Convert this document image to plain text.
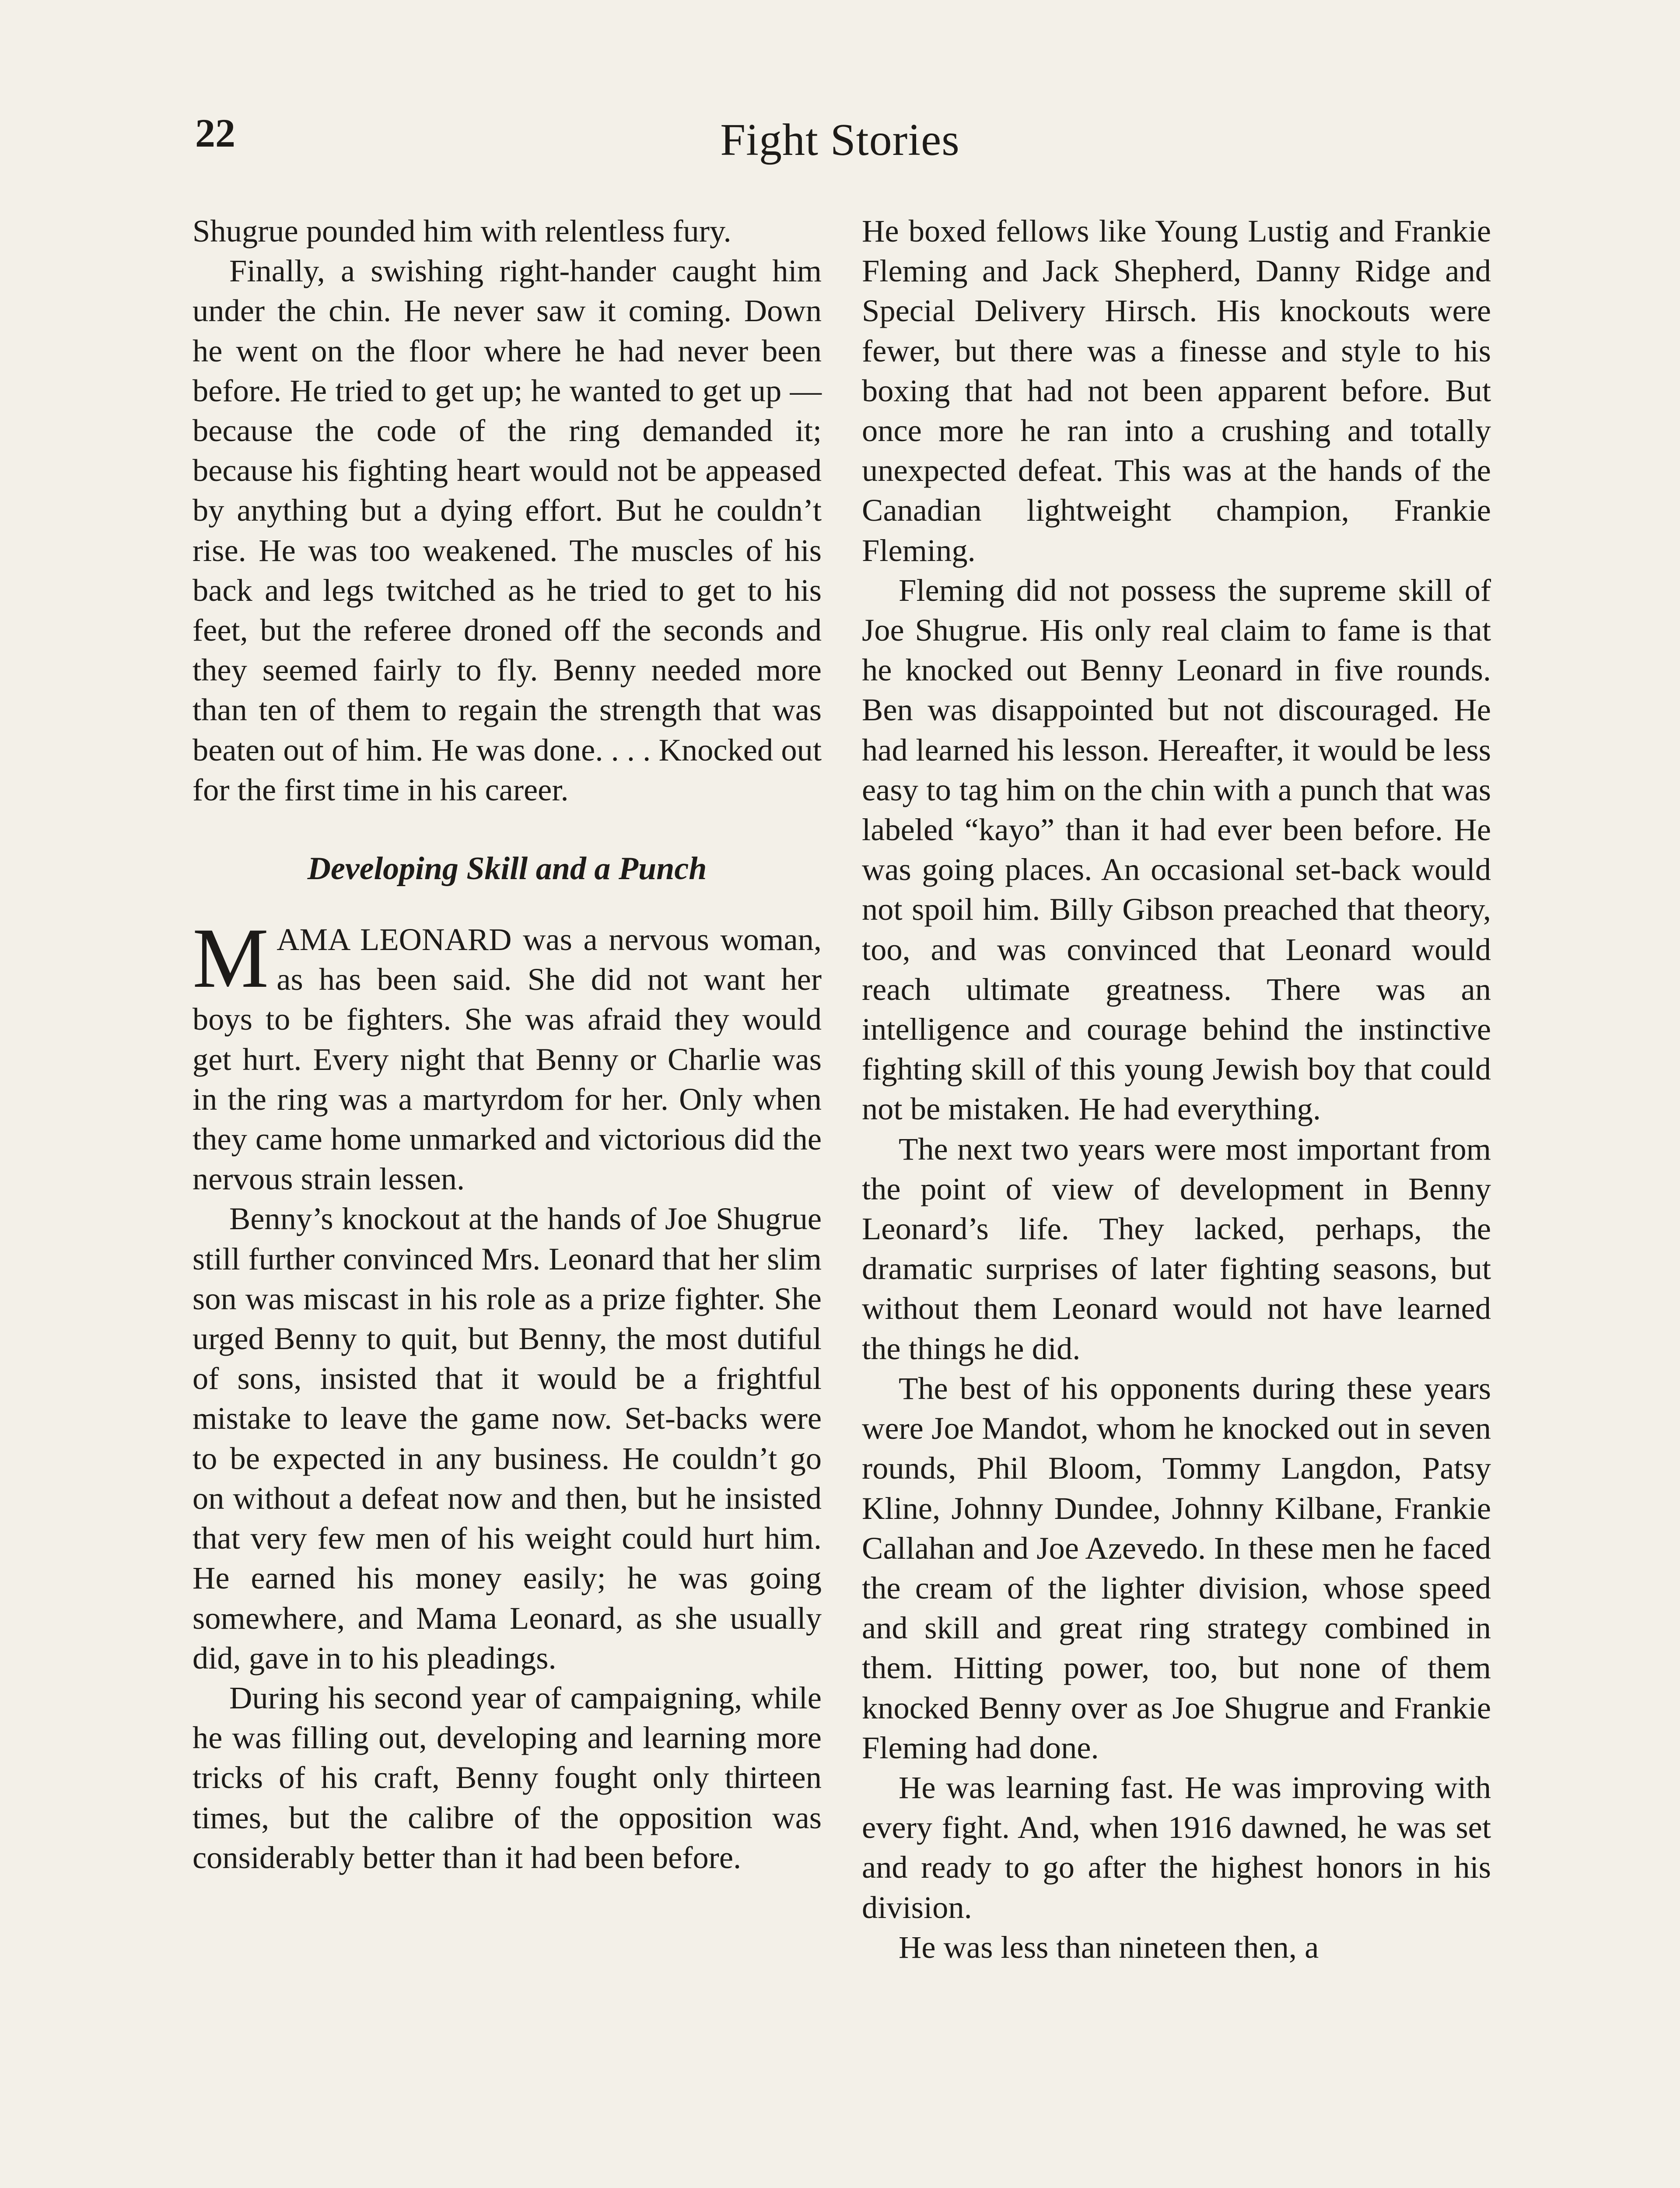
22	Fight Stories

Shugrue pounded him with relentless fury.

Finally, a swishing right-hander caught him under the chin. He never saw it coming. Down he went on the floor where he had never been before. He tried to get up; he wanted to get up —because the code of the ring demanded it; because his fighting heart would not be appeased by anything but a dying effort. But he couldn’t rise. He was too weakened. The muscles of his back and legs twitched as he tried to get to his feet, but the referee droned off the seconds and they seemed fairly to fly. Benny needed more than ten of them to regain the strength that was beaten out of him. He was done. . . . Knocked out for the first time in his career.

Developing Skill and a Punch

MAMA LEONARD was a nervous woman, as has been said. She did not want her boys to be fighters. She was afraid they would get hurt. Every night that Benny or Charlie was in the ring was a martyrdom for her. Only when they came home unmarked and victorious did the nervous strain lessen.

Benny’s knockout at the hands of Joe Shugrue still further convinced Mrs. Leonard that her slim son was miscast in his role as a prize fighter. She urged Benny to quit, but Benny, the most dutiful of sons, insisted that it would be a frightful mistake to leave the game now. Set-backs were to be expected in any business. He couldn’t go on without a defeat now and then, but he insisted that very few men of his weight could hurt him. He earned his money easily; he was going somewhere, and Mama Leonard, as she usually did, gave in to his pleadings.

During his second year of campaigning, while he was filling out, developing and learning more tricks of his craft, Benny fought only thirteen times, but the calibre of the opposition was considerably better than it had been before.

He boxed fellows like Young Lustig and Frankie Fleming and Jack Shepherd, Danny Ridge and Special Delivery Hirsch. His knockouts were fewer, but there was a finesse and style to his boxing that had not been apparent before. But once more he ran into a crushing and totally unexpected defeat. This was at the hands of the Canadian lightweight champion, Frankie Fleming.

Fleming did not possess the supreme skill of Joe Shugrue. His only real claim to fame is that he knocked out Benny Leonard in five rounds. Ben was disappointed but not discouraged. He had learned his lesson. Hereafter, it would be less easy to tag him on the chin with a punch that was labeled “kayo” than it had ever been before. He was going places. An occasional set-back would not spoil him. Billy Gibson preached that theory, too, and was convinced that Leonard would reach ultimate greatness. There was an intelligence and courage behind the instinctive fighting skill of this young Jewish boy that could not be mistaken. He had everything.

The next two years were most important from the point of view of development in Benny Leonard’s life. They lacked, perhaps, the dramatic surprises of later fighting seasons, but without them Leonard would not have learned the things he did.

The best of his opponents during these years were Joe Mandot, whom he knocked out in seven rounds, Phil Bloom, Tommy Langdon, Patsy Kline, Johnny Dundee, Johnny Kilbane, Frankie Callahan and Joe Azevedo. In these men he faced the cream of the lighter division, whose speed and skill and great ring strategy combined in them. Hitting power, too, but none of them knocked Benny over as Joe Shugrue and Frankie Fleming had done.

He was learning fast. He was improving with every fight. And, when 1916 dawned, he was set and ready to go after the highest honors in his division.

He was less than nineteen then, a
